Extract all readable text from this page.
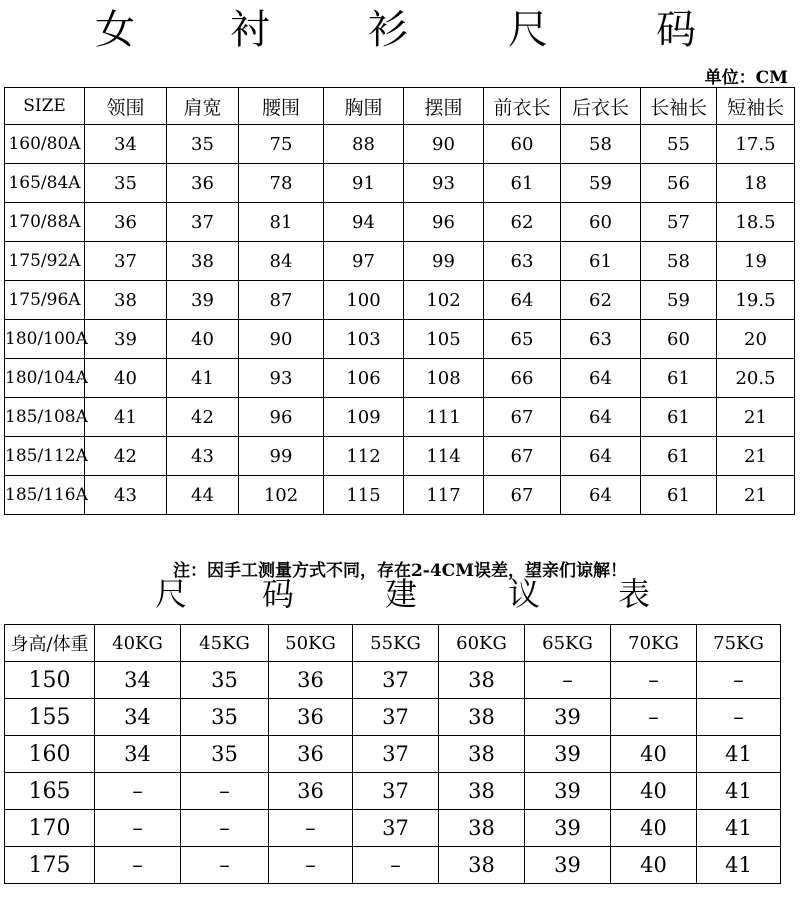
女 衬 衫	尺	码
单位：CM
SIZE	领围	肩宽	腰围	胸围	摆围	前衣长	后衣长	长袖长	短袖长
160/80A	34	35	75	88	90	60	58	55	17.5
165/84A	35	36	78	91	93	61	59	56	18
170/88A	36	37	81	94	96	62	60	57	18.5
175/92A	37	38	84	97	99	63	61	58	19
175/96A	38	39	87	100	102	64	62	59	19.5
180/100A	39	40	90	103	105	65	63	60	20
180/104A	40	41	93	106	108	66	64	61	20.5
185/108A	41	42	96	109	111	67	64	61	21
185/112A	42	43	99	112	114	67	64	61	21
185/116A	43	44	102	115	117	67	64	61	21
注：因手工测量方式不同，存在2-4CM误差，望亲们谅解！
尺 码	建	议 表
身高/体重	40KG	45KG	50KG	55KG	60KG	65KG	70KG	75KG
150	34	35	36	37	38	–	–	–
155	34	35	36	37	38	39	–	–
160	34	35	36	37	38	39	40	41
165	–	–	36	37	38	39	40	41
170	–	–	–	37	38	39	40	41
175	–	–	–	–	38	39	40	41
